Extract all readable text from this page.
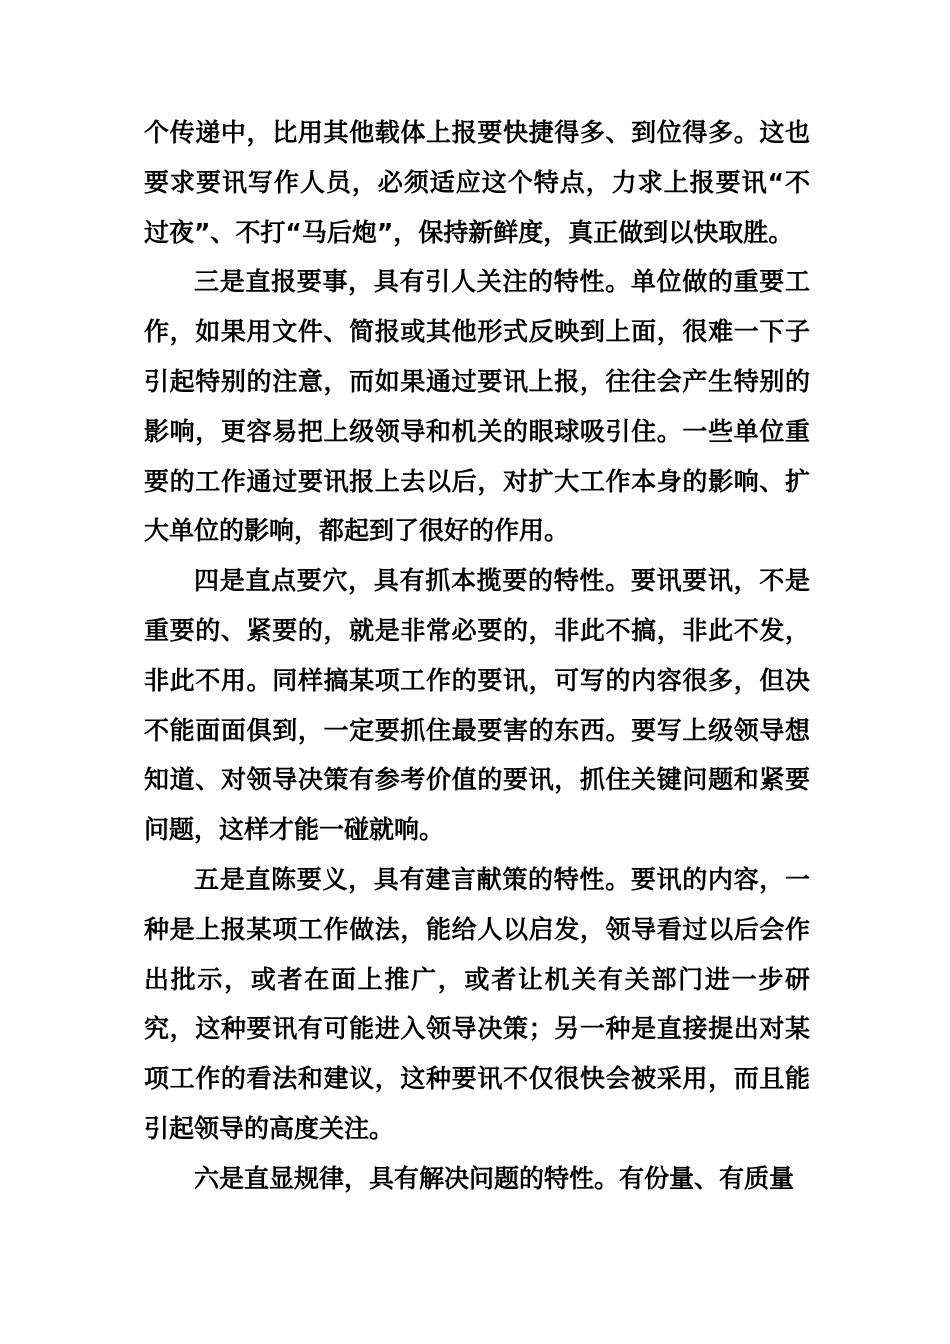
个传递中，比用其他载体上报要快捷得多、到位得多。这也要求要讯写作人员，必须适应这个特点，力求上报要讯“不过夜”、不打“马后炮”，保持新鲜度，真正做到以快取胜。

三是直报要事，具有引人关注的特性。单位做的重要工作，如果用文件、简报或其他形式反映到上面，很难一下子引起特别的注意，而如果通过要讯上报，往往会产生特别的影响，更容易把上级领导和机关的眼球吸引住。一些单位重要的工作通过要讯报上去以后，对扩大工作本身的影响、扩大单位的影响，都起到了很好的作用。

四是直点要穴，具有抓本揽要的特性。要讯要讯，不是重要的、紧要的，就是非常必要的，非此不搞，非此不发，非此不用。同样搞某项工作的要讯，可写的内容很多，但决不能面面俱到，一定要抓住最要害的东西。要写上级领导想知道、对领导决策有参考价值的要讯，抓住关键问题和紧要问题，这样才能一碰就响。

五是直陈要义，具有建言献策的特性。要讯的内容，一种是上报某项工作做法，能给人以启发，领导看过以后会作出批示，或者在面上推广，或者让机关有关部门进一步研究，这种要讯有可能进入领导决策；另一种是直接提出对某项工作的看法和建议，这种要讯不仅很快会被采用，而且能引起领导的高度关注。

六是直显规律，具有解决问题的特性。有份量、有质量
